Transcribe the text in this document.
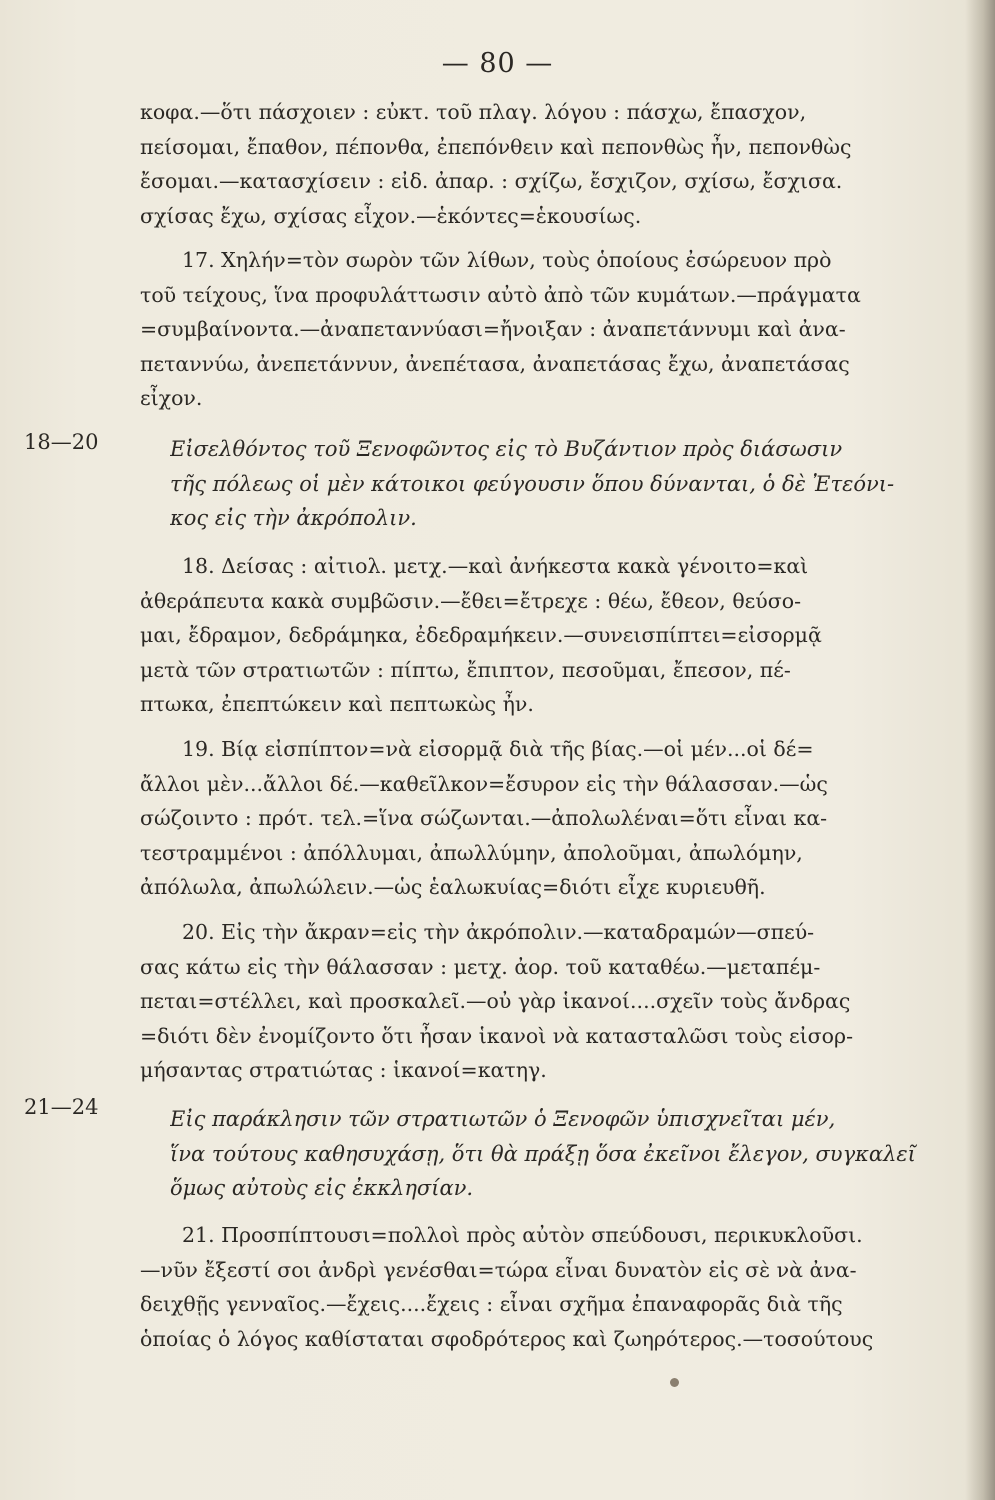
— 80 —
κοφα.—ὅτι πάσχοιεν : εὐκτ. τοῦ πλαγ. λόγου : πάσχω, ἔπασχον,
πείσομαι, ἔπαθον, πέπονθα, ἐπεπόνθειν καὶ πεπονθὼς ἦν, πεπονθὼς
ἔσομαι.—κατασχίσειν : εἰδ. ἀπαρ. : σχίζω, ἔσχιζον, σχίσω, ἔσχισα.
σχίσας ἔχω, σχίσας εἶχον.—ἑκόντες=ἑκουσίως.
17. Χηλήν=τὸν σωρὸν τῶν λίθων, τοὺς ὁποίους ἐσώρευον πρὸ
τοῦ τείχους, ἵνα προφυλάττωσιν αὐτὸ ἀπὸ τῶν κυμάτων.—πράγματα
=συμβαίνοντα.—ἀναπεταννύασι=ἤνοιξαν : ἀναπετάννυμι καὶ ἀνα-
πεταννύω, ἀνεπετάννυν, ἀνεπέτασα, ἀναπετάσας ἔχω, ἀναπετάσας
εἶχον.
18—20	Εἰσελθόντος τοῦ Ξενοφῶντος εἰς τὸ Βυζάντιον πρὸς διάσωσιν
τῆς πόλεως οἱ μὲν κάτοικοι φεύγουσιν ὅπου δύνανται, ὁ δὲ Ἐτεόνι-
κος εἰς τὴν ἀκρόπολιν.
18. Δείσας : αἰτιολ. μετχ.—καὶ ἀνήκεστα κακὰ γένοιτο=καὶ
ἀθεράπευτα κακὰ συμβῶσιν.—ἔθει=ἔτρεχε : θέω, ἔθεον, θεύσο-
μαι, ἔδραμον, δεδράμηκα, ἐδεδραμήκειν.—συνεισπίπτει=εἰσορμᾷ
μετὰ τῶν στρατιωτῶν : πίπτω, ἔπιπτον, πεσοῦμαι, ἔπεσον, πέ-
πτωκα, ἐπεπτώκειν καὶ πεπτωκὼς ἦν.
19. Βίᾳ εἰσπίπτον=νὰ εἰσορμᾷ διὰ τῆς βίας.—οἱ μέν...οἱ δέ=
ἄλλοι μὲν...ἄλλοι δέ.—καθεῖλκον=ἔσυρον εἰς τὴν θάλασσαν.—ὡς
σώζοιντο : πρότ. τελ.=ἵνα σώζωνται.—ἀπολωλέναι=ὅτι εἶναι κα-
τεστραμμένοι : ἀπόλλυμαι, ἀπωλλύμην, ἀπολοῦμαι, ἀπωλόμην,
ἀπόλωλα, ἀπωλώλειν.—ὡς ἑαλωκυίας=διότι εἶχε κυριευθῆ.
20. Εἰς τὴν ἄκραν=εἰς τὴν ἀκρόπολιν.—καταδραμών—σπεύ-
σας κάτω εἰς τὴν θάλασσαν : μετχ. ἀορ. τοῦ καταθέω.—μεταπέμ-
πεται=στέλλει, καὶ προσκαλεῖ.—οὐ γὰρ ἱκανοί....σχεῖν τοὺς ἄνδρας
=διότι δὲν ἐνομίζοντο ὅτι ἦσαν ἱκανοὶ νὰ κατασταλῶσι τοὺς εἰσορ-
μήσαντας στρατιώτας : ἱκανοί=κατηγ.
21—24	Εἰς παράκλησιν τῶν στρατιωτῶν ὁ Ξενοφῶν ὑπισχνεῖται μέν,
ἵνα τούτους καθησυχάσῃ, ὅτι θὰ πράξῃ ὅσα ἐκεῖνοι ἔλεγον, συγκαλεῖ
ὅμως αὐτοὺς εἰς ἐκκλησίαν.
21. Προσπίπτουσι=πολλοὶ πρὸς αὐτὸν σπεύδουσι, περικυκλοῦσι.
—νῦν ἔξεστί σοι ἀνδρὶ γενέσθαι=τώρα εἶναι δυνατὸν εἰς σὲ νὰ ἀνα-
δειχθῇς γενναῖος.—ἔχεις....ἔχεις : εἶναι σχῆμα ἐπαναφορᾶς διὰ τῆς
ὁποίας ὁ λόγος καθίσταται σφοδρότερος καὶ ζωηρότερος.—τοσούτους
